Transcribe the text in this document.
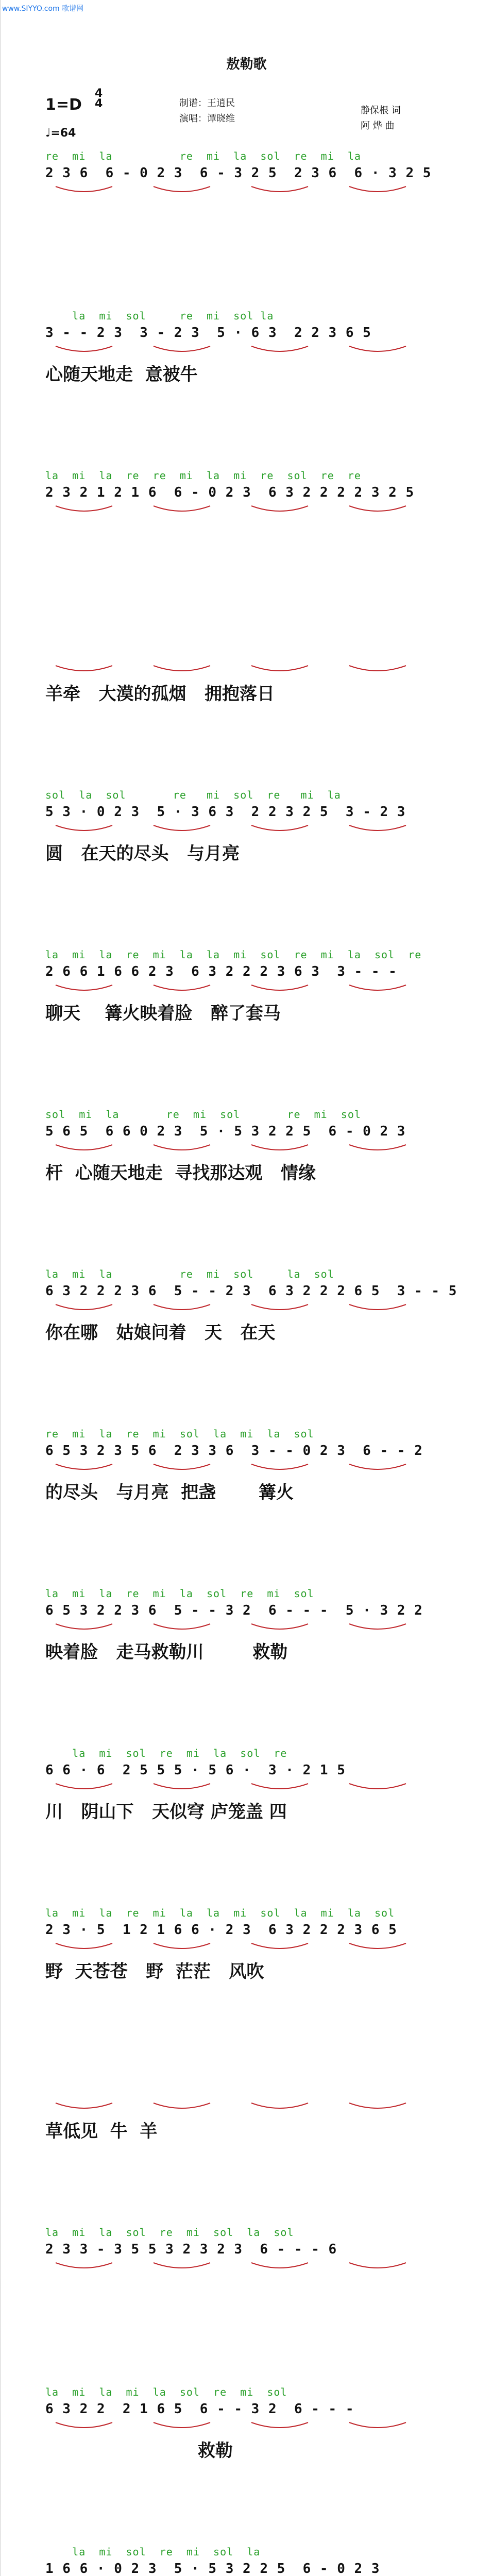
www.SIYYO.com 歌谱网
敖勒歌
1=D
4
4
♩=64
制谱：王逍民
演唱：谭晓维
静保根 词
阿 烨 曲
re  mi  la          re  mi  la  sol  re  mi  la
2 3 6  6 - 0 2 3  6 - 3 2 5  2 3 6  6 · 3 2 5
la  mi  sol     re  mi  sol la
3 - - 2 3  3 - 2 3  5 · 6 3  2 2 3 6 5
心随天地走  意被牛
la  mi  la  re  re  mi  la  mi  re  sol  re  re
2 3 2 1 2 1 6  6 - 0 2 3  6 3 2 2 2 2 3 2 5
羊牵   大漠的孤烟   拥抱落日
sol  la  sol       re   mi  sol  re   mi  la
5 3 · 0 2 3  5 · 3 6 3  2 2 3 2 5  3 - 2 3
圆   在天的尽头   与月亮
la  mi  la  re  mi  la  la  mi  sol  re  mi  la  sol  re
2 6 6 1 6 6 2 3  6 3 2 2 2 3 6 3  3 - - -
聊天    篝火映着脸   醉了套马
sol  mi  la       re  mi  sol       re  mi  sol
5 6 5  6 6 0 2 3  5 · 5 3 2 2 5  6 - 0 2 3
杆  心随天地走  寻找那达观   情缘
la  mi  la          re  mi  sol     la  sol
6 3 2 2 2 3 6  5 - - 2 3  6 3 2 2 2 6 5  3 - - 5
你在哪   姑娘问着   天   在天
re  mi  la  re  mi  sol  la  mi  la  sol
6 5 3 2 3 5 6  2 3 3 6  3 - - 0 2 3  6 - - 2
的尽头   与月亮  把盏       篝火
la  mi  la  re  mi  la  sol  re  mi  sol
6 5 3 2 2 3 6  5 - - 3 2  6 - - -  5 · 3 2 2
映着脸   走马救勒川        救勒
la  mi  sol  re  mi  la  sol  re
6 6 · 6  2 5 5 5 · 5 6 ·  3 · 2 1 5
川   阴山下   天似穹 庐笼盖 四
la  mi  la  re  mi  la  la  mi  sol  la  mi  la  sol
2 3 · 5  1 2 1 6 6 · 2 3  6 3 2 2 2 3 6 5
野  天苍苍   野  茫茫   风吹
草低见  牛  羊
la  mi  la  sol  re  mi  sol  la  sol
2 3 3 - 3 5 5 3 2 3 2 3  6 - - - 6
la  mi  la  mi  la  sol  re  mi  sol
6 3 2 2  2 1 6 5  6 - - 3 2  6 - - -
救勒
la  mi  sol  re  mi  sol  la
1 6 6 · 0 2 3  5 · 5 3 2 2 5  6 - 0 2 3
